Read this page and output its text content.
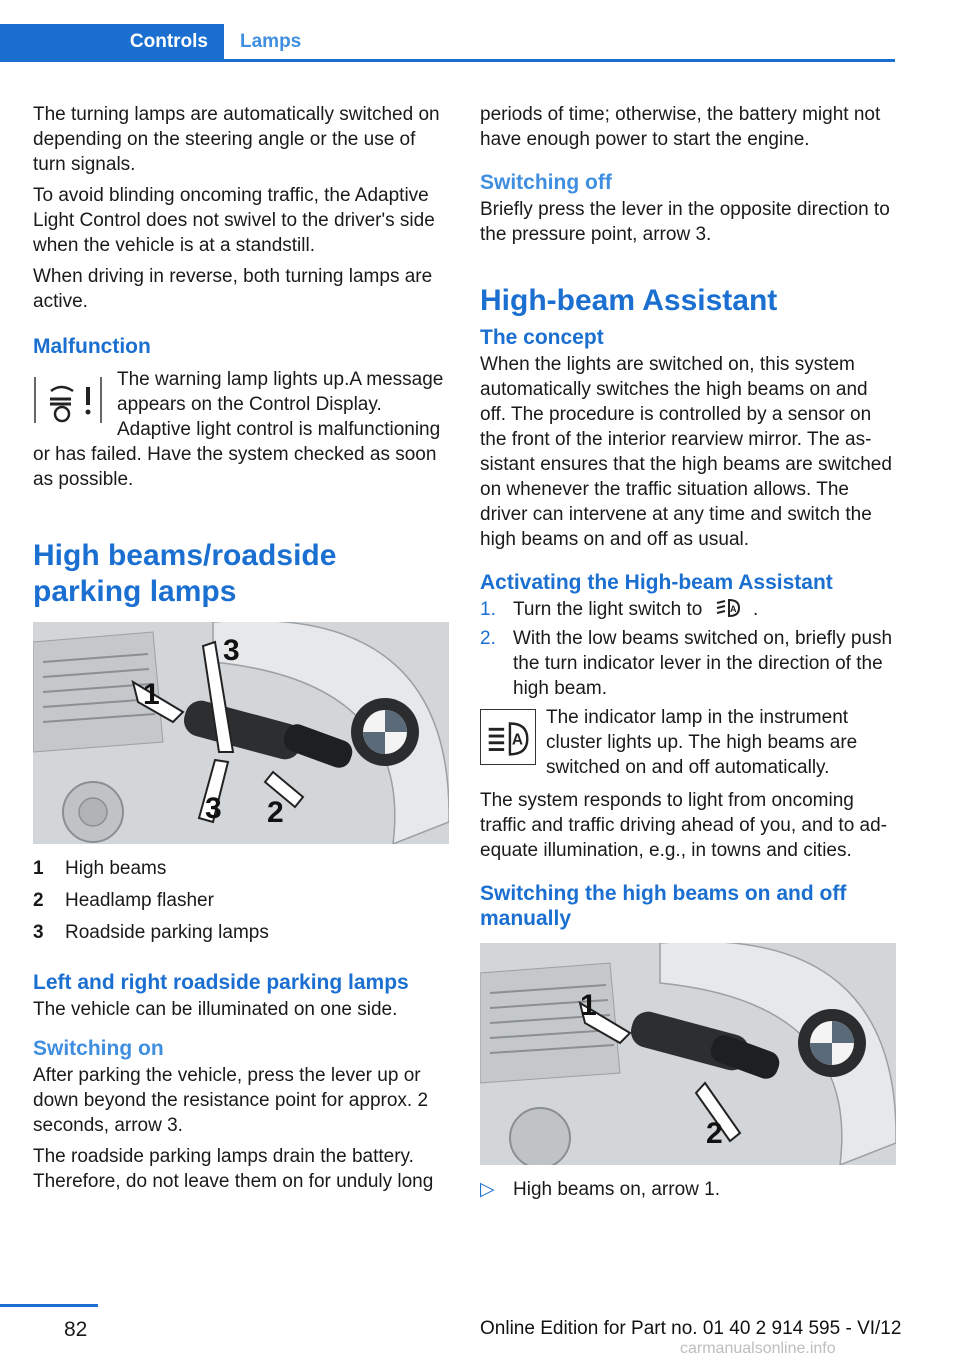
Controls	Lamps

The turning lamps are automatically switched on depending on the steering angle or the use of turn signals.

To avoid blinding oncoming traffic, the Adaptive Light Control does not swivel to the driver's side when the vehicle is at a standstill.

When driving in reverse, both turning lamps are active.

Malfunction

The warning lamp lights up.A message appears on the Control Display. Adaptive light control is malfunctioning or has failed. Have the system checked as soon as possible.

High beams/roadside parking lamps
1
3
2
3
1	High beams
2	Headlamp flasher
3	Roadside parking lamps
Left and right roadside parking lamps

The vehicle can be illuminated on one side.

Switching on

After parking the vehicle, press the lever up or down beyond the resistance point for approx. 2 seconds, arrow 3.

The roadside parking lamps drain the battery. Therefore, do not leave them on for unduly long

periods of time; otherwise, the battery might not have enough power to start the engine.

Switching off

Briefly press the lever in the opposite direction to the pressure point, arrow 3.

High-beam Assistant
The concept

When the lights are switched on, this system automatically switches the high beams on and off. The procedure is controlled by a sensor on the front of the interior rearview mirror. The assistant ensures that the high beams are switched on whenever the traffic situation allows. The driver can intervene at any time and switch the high beams on and off as usual.

Activating the High-beam Assistant
1. Turn the light switch to	A .
2. With the low beams switched on, briefly push the turn indicator lever in the direction of the high beam.
A

The indicator lamp in the instrument cluster lights up. The high beams are switched on and off automatically.

The system responds to light from oncoming traffic and traffic driving ahead of you, and to adequate illumination, e.g., in towns and cities.

Switching the high beams on and off manually
1
2
▷ High beams on, arrow 1.
82	Online Edition for Part no. 01 40 2 914 595 - VI/12
carmanualsonline.info
